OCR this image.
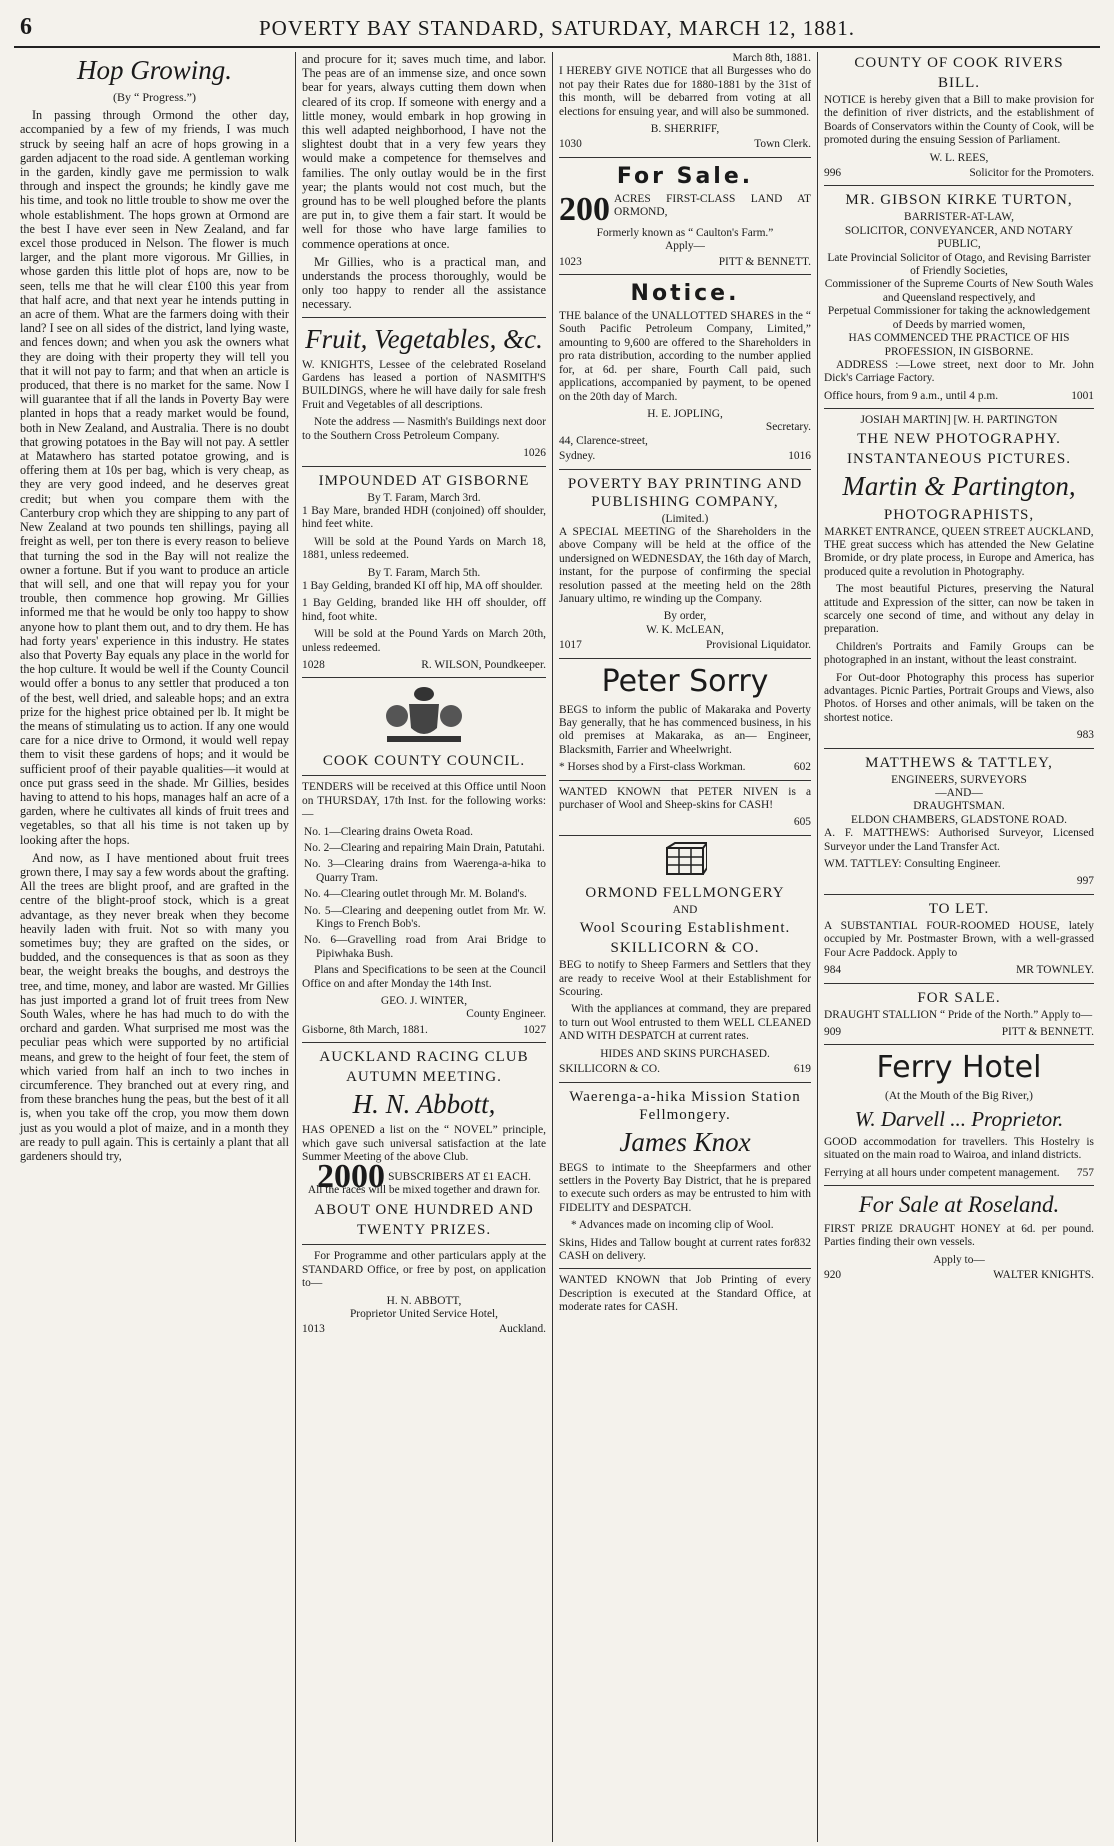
6	POVERTY BAY STANDARD, SATURDAY, MARCH 12, 1881.
Hop Growing.
(By “ Progress.”)

In passing through Ormond the other day, accompanied by a few of my friends, I was much struck by seeing half an acre of hops growing in a garden adjacent to the road side. A gentleman working in the garden, kindly gave me permission to walk through and inspect the grounds; he kindly gave me his time, and took no little trouble to show me over the whole establishment. The hops grown at Ormond are the best I have ever seen in New Zealand, and far excel those produced in Nelson. The flower is much larger, and the plant more vigorous. Mr Gillies, in whose garden this little plot of hops are, now to be seen, tells me that he will clear £100 this year from that half acre, and that next year he intends putting in an acre of them. What are the farmers doing with their land? I see on all sides of the district, land lying waste, and fences down; and when you ask the owners what they are doing with their property they will tell you that it will not pay to farm; and that when an article is produced, that there is no market for the same. Now I will guarantee that if all the lands in Poverty Bay were planted in hops that a ready market would be found, both in New Zealand, and Australia. There is no doubt that growing potatoes in the Bay will not pay. A settler at Matawhero has started potatoe growing, and is offering them at 10s per bag, which is very cheap, as they are very good indeed, and he deserves great credit; but when you compare them with the Canterbury crop which they are shipping to any part of New Zealand at two pounds ten shillings, paying all freight as well, per ton there is every reason to believe that turning the sod in the Bay will not realize the owner a fortune. But if you want to produce an article that will sell, and one that will repay you for your trouble, then commence hop growing. Mr Gillies informed me that he would be only too happy to show anyone how to plant them out, and to dry them. He has had forty years' experience in this industry. He states also that Poverty Bay equals any place in the world for the hop culture. It would be well if the County Council would offer a bonus to any settler that produced a ton of the best, well dried, and saleable hops; and an extra prize for the highest price obtained per lb. It might be the means of stimulating us to action. If any one would care for a nice drive to Ormond, it would well repay them to visit these gardens of hops; and it would be sufficient proof of their payable qualities—it would at once put grass seed in the shade. Mr Gillies, besides having to attend to his hops, manages half an acre of a garden, where he cultivates all kinds of fruit trees and vegetables, so that all his time is not taken up by looking after the hops.

And now, as I have mentioned about fruit trees grown there, I may say a few words about the grafting. All the trees are blight proof, and are grafted in the centre of the blight-proof stock, which is a great advantage, as they never break when they become heavily laden with fruit. Not so with many you sometimes buy; they are grafted on the sides, or budded, and the consequences is that as soon as they bear, the weight breaks the boughs, and destroys the tree, and time, money, and labor are wasted. Mr Gillies has just imported a grand lot of fruit trees from New South Wales, where he has had much to do with the orchard and garden. What surprised me most was the peculiar peas which were supported by no artificial means, and grew to the height of four feet, the stem of which varied from half an inch to two inches in circumference. They branched out at every ring, and from these branches hung the peas, but the best of it all is, when you take off the crop, you mow them down just as you would a plot of maize, and in a month they are ready to pull again. This is certainly a plant that all gardeners should try,

and procure for it; saves much time, and labor. The peas are of an immense size, and once sown bear for years, always cutting them down when cleared of its crop. If someone with energy and a little money, would embark in hop growing in this well adapted neighborhood, I have not the slightest doubt that in a very few years they would make a competence for themselves and families. The only outlay would be in the first year; the plants would not cost much, but the ground has to be well ploughed before the plants are put in, to give them a fair start. It would be well for those who have large families to commence operations at once.

Mr Gillies, who is a practical man, and understands the process thoroughly, would be only too happy to render all the assistance necessary.

Fruit, Vegetables, &c.

W. KNIGHTS, Lessee of the celebrated Roseland Gardens has leased a portion of NASMITH'S BUILDINGS, where he will have daily for sale fresh Fruit and Vegetables of all descriptions.

Note the address — Nasmith's Buildings next door to the Southern Cross Petroleum Company.

1026
IMPOUNDED AT GISBORNE
By T. Faram, March 3rd.

1 Bay Mare, branded HDH (conjoined) off shoulder, hind feet white.

Will be sold at the Pound Yards on March 18, 1881, unless redeemed.

By T. Faram, March 5th.

1 Bay Gelding, branded KI off hip, MA off shoulder.

1 Bay Gelding, branded like HH off shoulder, off hind, foot white.

Will be sold at the Pound Yards on March 20th, unless redeemed.

1028	R. WILSON, Poundkeeper.
COOK COUNTY COUNCIL.

TENDERS will be received at this Office until Noon on THURSDAY, 17th Inst. for the following works:—

No. 1—Clearing drains Oweta Road.
No. 2—Clearing and repairing Main Drain, Patutahi.
No. 3—Clearing drains from Waerenga-a-hika to Quarry Tram.
No. 4—Clearing outlet through Mr. M. Boland's.
No. 5—Clearing and deepening outlet from Mr. W. Kings to French Bob's.
No. 6—Gravelling road from Arai Bridge to Pipiwhaka Bush.

Plans and Specifications to be seen at the Council Office on and after Monday the 14th Inst.

GEO. J. WINTER,
County Engineer.
Gisborne, 8th March, 1881.	1027
AUCKLAND RACING CLUB
AUTUMN MEETING.
H. N. Abbott,

HAS OPENED a list on the “ NOVEL” principle, which gave such universal satisfaction at the late Summer Meeting of the above Club.

2000 SUBSCRIBERS AT £1 EACH.

All the races will be mixed together and drawn for.

ABOUT ONE HUNDRED AND
TWENTY PRIZES.

For Programme and other particulars apply at the STANDARD Office, or free by post, on application to—

H. N. ABBOTT,
Proprietor United Service Hotel,
1013	Auckland.
March 8th, 1881.

I HEREBY GIVE NOTICE that all Burgesses who do not pay their Rates due for 1880-1881 by the 31st of this month, will be debarred from voting at all elections for ensuing year, and will also be summoned.

B. SHERRIFF,
1030	Town Clerk.
For Sale.
200 ACRES FIRST-CLASS LAND AT ORMOND,
Formerly known as “ Caulton's Farm.”
Apply—
1023	PITT & BENNETT.
Notice.

THE balance of the UNALLOTTED SHARES in the “ South Pacific Petroleum Company, Limited,” amounting to 9,600 are offered to the Shareholders in pro rata distribution, according to the number applied for, at 6d. per share, Fourth Call paid, such applications, accompanied by payment, to be opened on the 20th day of March.

H. E. JOPLING,
Secretary.
44, Clarence-street,
Sydney.	1016
POVERTY BAY PRINTING AND PUBLISHING COMPANY,
(Limited.)

A SPECIAL MEETING of the Shareholders in the above Company will be held at the office of the undersigned on WEDNESDAY, the 16th day of March, instant, for the purpose of confirming the special resolution passed at the meeting held on the 28th January ultimo, re winding up the Company.

By order,
W. K. McLEAN,
1017	Provisional Liquidator.
Peter Sorry

BEGS to inform the public of Makaraka and Poverty Bay generally, that he has commenced business, in his old premises at Makaraka, as an— Engineer, Blacksmith, Farrier and Wheelwright.

* Horses shod by a First-class Workman.	602

WANTED KNOWN that PETER NIVEN is a purchaser of Wool and Sheep-skins for CASH!

605
ORMOND FELLMONGERY
AND
Wool Scouring Establishment.
SKILLICORN & CO.

BEG to notify to Sheep Farmers and Settlers that they are ready to receive Wool at their Establishment for Scouring.

With the appliances at command, they are prepared to turn out Wool entrusted to them WELL CLEANED AND WITH DESPATCH at current rates.

HIDES AND SKINS PURCHASED.
SKILLICORN & CO.	619
Waerenga-a-hika Mission Station Fellmongery.
James Knox

BEGS to intimate to the Sheepfarmers and other settlers in the Poverty Bay District, that he is prepared to execute such orders as may be entrusted to him with FIDELITY and DESPATCH.

* Advances made on incoming clip of Wool.

Skins, Hides and Tallow bought at current rates for CASH on delivery.
832

WANTED KNOWN that Job Printing of every Description is executed at the Standard Office, at moderate rates for CASH.

COUNTY OF COOK RIVERS
BILL.

NOTICE is hereby given that a Bill to make provision for the definition of river districts, and the establishment of Boards of Conservators within the County of Cook, will be promoted during the ensuing Session of Parliament.

W. L. REES,
996	Solicitor for the Promoters.
MR. GIBSON KIRKE TURTON,
BARRISTER-AT-LAW,
SOLICITOR, CONVEYANCER, AND NOTARY PUBLIC,
Late Provincial Solicitor of Otago, and Revising Barrister of Friendly Societies,
Commissioner of the Supreme Courts of New South Wales and Queensland respectively, and
Perpetual Commissioner for taking the acknowledgement of Deeds by married women,
HAS COMMENCED THE PRACTICE OF HIS PROFESSION, IN GISBORNE.

ADDRESS :—Lowe street, next door to Mr. John Dick's Carriage Factory.

Office hours, from 9 a.m., until 4 p.m.	1001
JOSIAH MARTIN] [W. H. PARTINGTON
THE NEW PHOTOGRAPHY.
INSTANTANEOUS PICTURES.
Martin & Partington,
PHOTOGRAPHISTS,
MARKET ENTRANCE, QUEEN STREET AUCKLAND,

THE great success which has attended the New Gelatine Bromide, or dry plate process, in Europe and America, has produced quite a revolution in Photography.

The most beautiful Pictures, preserving the Natural attitude and Expression of the sitter, can now be taken in scarcely one second of time, and without any delay in preparation.

Children's Portraits and Family Groups can be photographed in an instant, without the least constraint.

For Out-door Photography this process has superior advantages. Picnic Parties, Portrait Groups and Views, also Photos. of Horses and other animals, will be taken on the shortest notice.

983
MATTHEWS & TATTLEY,
ENGINEERS, SURVEYORS
—AND—
DRAUGHTSMAN.
ELDON CHAMBERS, GLADSTONE ROAD.

A. F. MATTHEWS: Authorised Surveyor, Licensed Surveyor under the Land Transfer Act.

WM. TATTLEY: Consulting Engineer.

997
TO LET.

A SUBSTANTIAL FOUR-ROOMED HOUSE, lately occupied by Mr. Postmaster Brown, with a well-grassed Four Acre Paddock. Apply to

984	MR TOWNLEY.
FOR SALE.

DRAUGHT STALLION “ Pride of the North.” Apply to—

909	PITT & BENNETT.
Ferry Hotel
(At the Mouth of the Big River,)
W. Darvell ... Proprietor.

GOOD accommodation for travellers. This Hostelry is situated on the main road to Wairoa, and inland districts.

Ferrying at all hours under competent management. 757
For Sale at Roseland.

FIRST PRIZE DRAUGHT HONEY at 6d. per pound. Parties finding their own vessels.

Apply to—
920	WALTER KNIGHTS.
